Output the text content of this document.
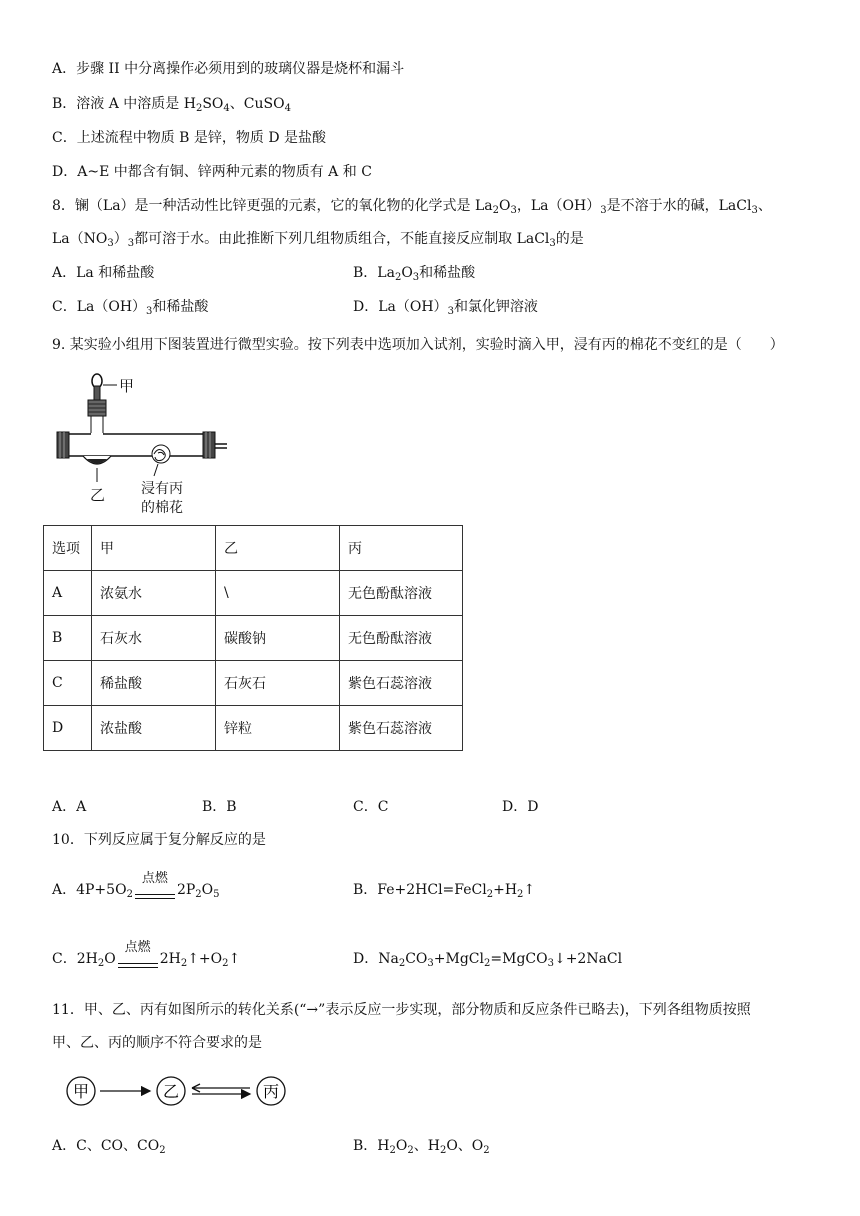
A．步骤 II 中分离操作必须用到的玻璃仪器是烧杯和漏斗
B．溶液 A 中溶质是 $H_2SO_4$、CuSO$_4$
C．上述流程中物质 B 是锌，物质 D 是盐酸
D．A~E 中都含有铜、锌两种元素的物质有 A 和 C
8．镧（La）是一种活动性比锌更强的元素，它的氧化物的化学式是 $La_2O_3$，$La(OH)_3$是不溶于水的碱，LaCl$_3$、
$La(NO_3)_3$都可溶于水。由此推断下列几组物质组合，不能直接反应制取 LaCl$_3$的是
A．La 和稀盐酸	B．$La_2O_3$和稀盐酸
C．$La(OH)_3$和稀盐酸	D．$La(OH)_3$和氯化钾溶液
9. 某实验小组用下图装置进行微型实验。按下列表中选项加入试剂，实验时滴入甲，浸有丙的棉花不变红的是（　　）
甲
乙	浸有丙
的棉花
选项	甲	乙	丙
A	浓氨水	\	无色酚酞溶液
B	石灰水	碳酸钠	无色酚酞溶液
C	稀盐酸	石灰石	紫色石蕊溶液
D	浓盐酸	锌粒	紫色石蕊溶液
A．A	B．B	C．C	D．D
10．下列反应属于复分解反应的是
A．$4P+5O_2$
点燃
$2P_2O_5$	B．$Fe+2HCl=FeCl_2+H_2↑$
C．$2H_2O$
点燃
$2H_2↑+O_2↑$	D．$Na_2CO_3+MgCl_2=MgCO_3↓+2NaCl$
11．甲、乙、丙有如图所示的转化关系(“→”表示反应一步实现，部分物质和反应条件已略去)，下列各组物质按照
甲、乙、丙的顺序不符合要求的是
甲	乙	丙
A．C、CO、$CO_2$	B．$H_2O_2$、$H_2O$、$O_2$
